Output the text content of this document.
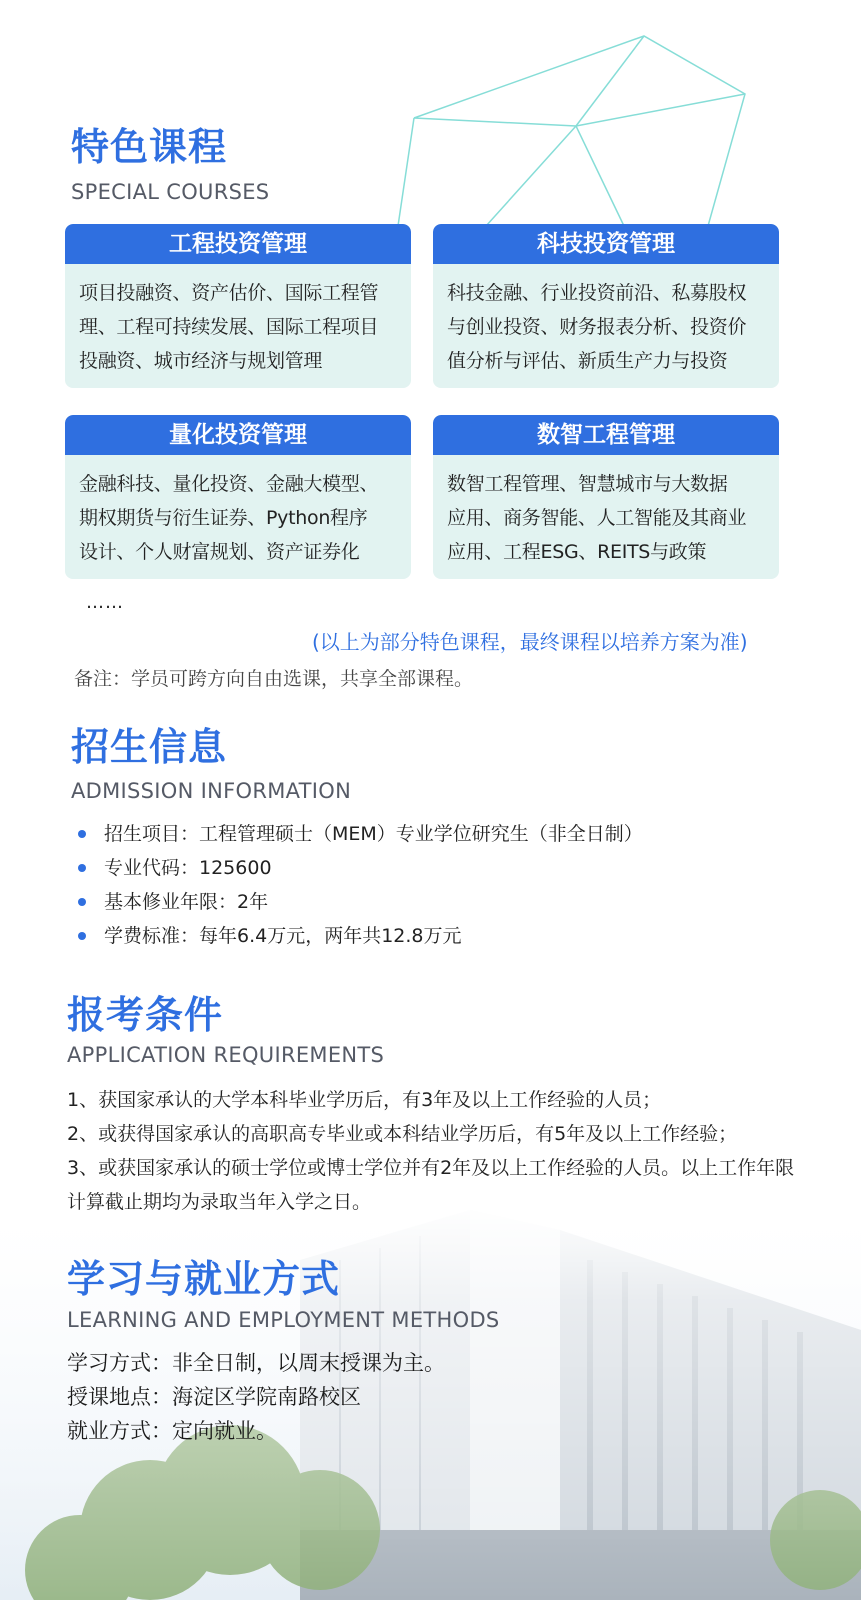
特色课程
SPECIAL COURSES
工程投资管理
项目投融资、资产估价、国际工程管
理、工程可持续发展、国际工程项目
投融资、城市经济与规划管理
科技投资管理
科技金融、行业投资前沿、私募股权
与创业投资、财务报表分析、投资价
值分析与评估、新质生产力与投资
量化投资管理
金融科技、量化投资、金融大模型、
期权期货与衍生证券、Python程序
设计、个人财富规划、资产证券化
数智工程管理
数智工程管理、智慧城市与大数据
应用、商务智能、人工智能及其商业
应用、工程ESG、REITS与政策
……
(以上为部分特色课程，最终课程以培养方案为准)
备注：学员可跨方向自由选课，共享全部课程。
招生信息
ADMISSION INFORMATION
招生项目：工程管理硕士（MEM）专业学位研究生（非全日制）
专业代码：125600
基本修业年限：2年
学费标准：每年6.4万元，两年共12.8万元
报考条件
APPLICATION REQUIREMENTS

1、获国家承认的大学本科毕业学历后，有3年及以上工作经验的人员；

2、或获得国家承认的高职高专毕业或本科结业学历后，有5年及以上工作经验；

3、或获国家承认的硕士学位或博士学位并有2年及以上工作经验的人员。以上工作年限计算截止期均为录取当年入学之日。

学习与就业方式
LEARNING AND EMPLOYMENT METHODS

学习方式：非全日制，以周末授课为主。

授课地点：海淀区学院南路校区

就业方式：定向就业。
